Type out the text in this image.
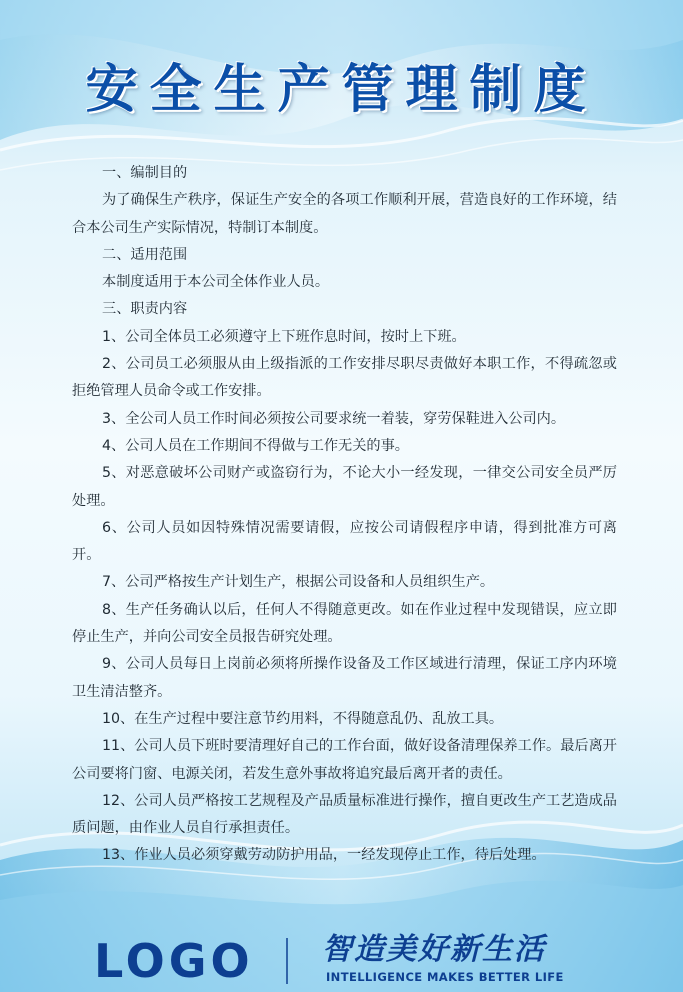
安全生产管理制度

一、编制目的

为了确保生产秩序，保证生产安全的各项工作顺利开展，营造良好的工作环境，结合本公司生产实际情况，特制订本制度。

二、适用范围

本制度适用于本公司全体作业人员。

三、职责内容

1、公司全体员工必须遵守上下班作息时间，按时上下班。

2、公司员工必须服从由上级指派的工作安排尽职尽责做好本职工作，不得疏忽或拒绝管理人员命令或工作安排。

3、全公司人员工作时间必须按公司要求统一着装，穿劳保鞋进入公司内。

4、公司人员在工作期间不得做与工作无关的事。

5、对恶意破坏公司财产或盗窃行为，不论大小一经发现，一律交公司安全员严厉处理。

6、公司人员如因特殊情况需要请假，应按公司请假程序申请，得到批准方可离开。

7、公司严格按生产计划生产，根据公司设备和人员组织生产。

8、生产任务确认以后，任何人不得随意更改。如在作业过程中发现错误，应立即停止生产，并向公司安全员报告研究处理。

9、公司人员每日上岗前必须将所操作设备及工作区域进行清理，保证工序内环境卫生清洁整齐。

10、在生产过程中要注意节约用料，不得随意乱仍、乱放工具。

11、公司人员下班时要清理好自己的工作台面，做好设备清理保养工作。最后离开公司要将门窗、电源关闭，若发生意外事故将追究最后离开者的责任。

12、公司人员严格按工艺规程及产品质量标准进行操作，擅自更改生产工艺造成品质问题，由作业人员自行承担责任。

13、作业人员必须穿戴劳动防护用品，一经发现停止工作，待后处理。

LOGO 智造美好新生活
INTELLIGENCE MAKES BETTER LIFE
